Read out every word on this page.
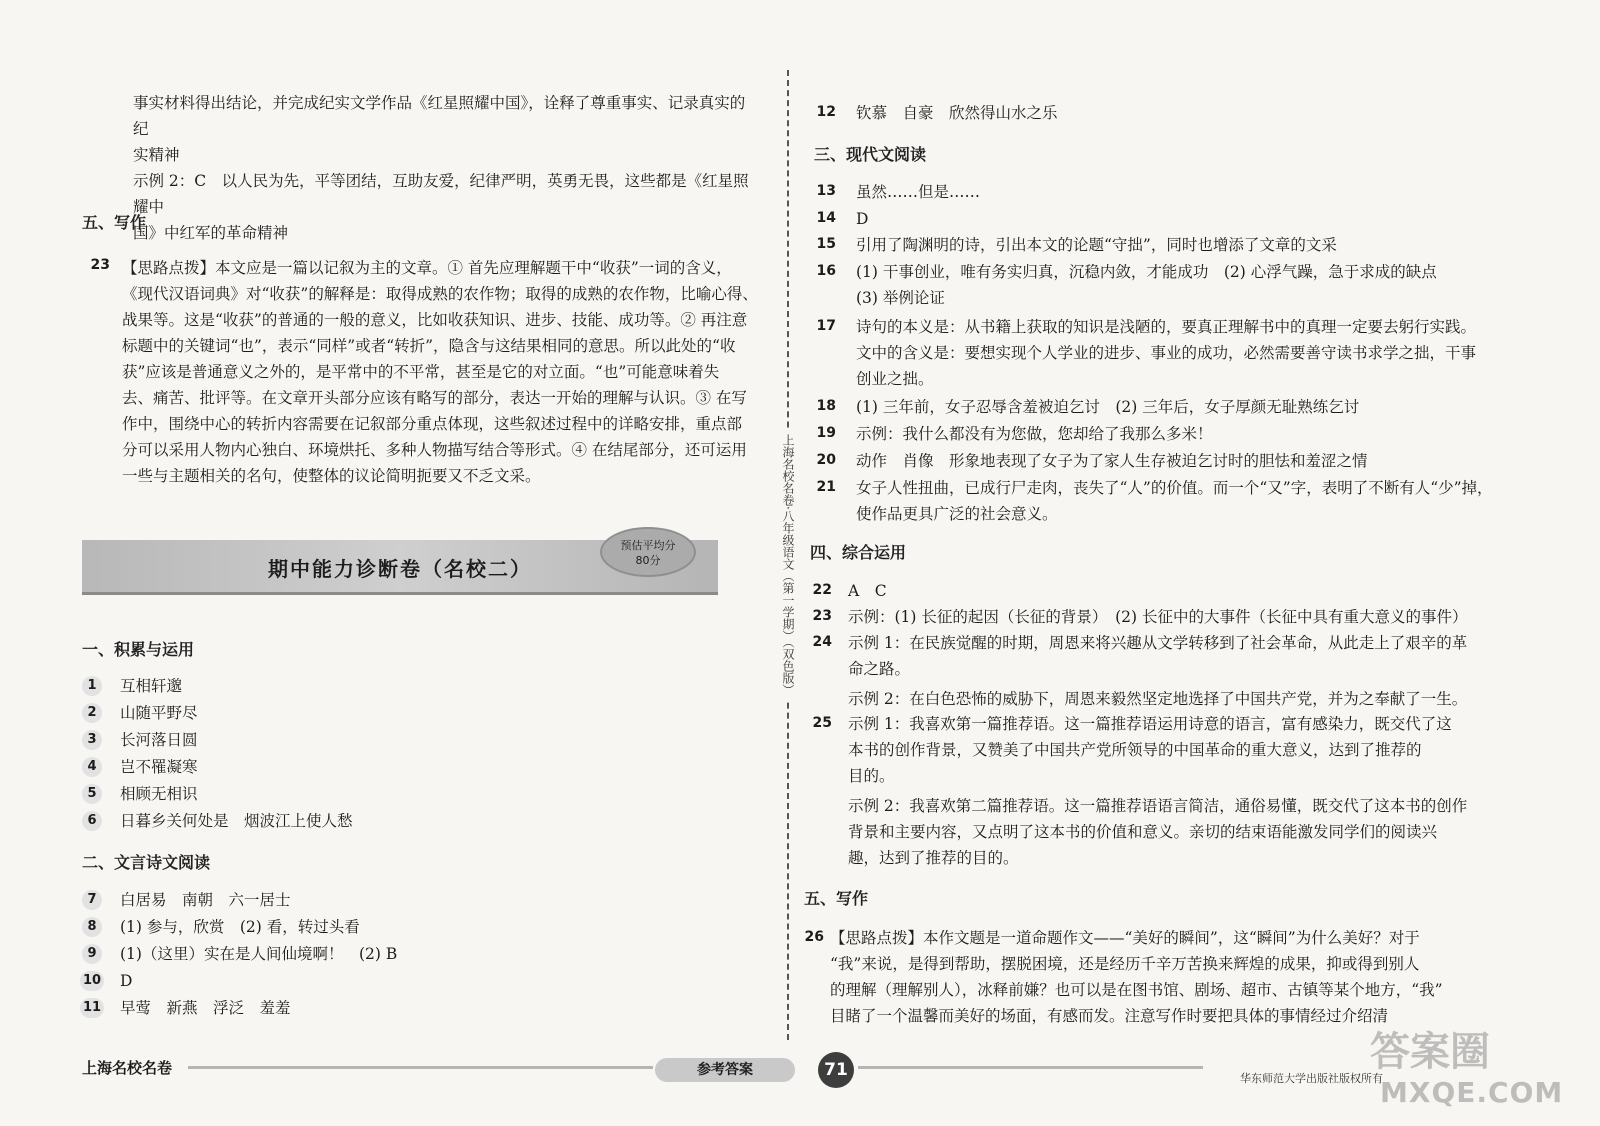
事实材料得出结论，并完成纪实文学作品《红星照耀中国》，诠释了尊重事实、记录真实的纪
实精神
示例 2：C　以人民为先，平等团结，互助友爱，纪律严明，英勇无畏，这些都是《红星照耀中
国》中红军的革命精神
五、写作
23 【思路点拨】本文应是一篇以记叙为主的文章。① 首先应理解题干中“收获”一词的含义，
《现代汉语词典》对“收获”的解释是：取得成熟的农作物；取得的成熟的农作物，比喻心得、
战果等。这是“收获”的普通的一般的意义，比如收获知识、进步、技能、成功等。② 再注意
标题中的关键词“也”，表示“同样”或者“转折”，隐含与这结果相同的意思。所以此处的“收
获”应该是普通意义之外的，是平常中的不平常，甚至是它的对立面。“也”可能意味着失
去、痛苦、批评等。在文章开头部分应该有略写的部分，表达一开始的理解与认识。③ 在写
作中，围绕中心的转折内容需要在记叙部分重点体现，这些叙述过程中的详略安排，重点部
分可以采用人物内心独白、环境烘托、多种人物描写结合等形式。④ 在结尾部分，还可运用
一些与主题相关的名句，使整体的议论简明扼要又不乏文采。
期中能力诊断卷（名校二）
预估平均分
80分
一、积累与运用
1	互相轩邈
2	山随平野尽
3	长河落日圆
4	岂不罹凝寒
5	相顾无相识
6	日暮乡关何处是　烟波江上使人愁
二、文言诗文阅读
7	白居易　南朝　六一居士
8	(1) 参与，欣赏　(2) 看，转过头看
9	(1)（这里）实在是人间仙境啊！　(2) B
10 D
11 早莺　新燕　浮泛　羞羞
上海名校名卷·八年级语文（第一学期）（双色版）
12 钦慕　自豪　欣然得山水之乐
三、现代文阅读
13 虽然……但是……
14 D
15 引用了陶渊明的诗，引出本文的论题“守拙”，同时也增添了文章的文采
16 (1) 干事创业，唯有务实归真，沉稳内敛，才能成功　(2) 心浮气躁，急于求成的缺点
(3) 举例论证
17 诗句的本义是：从书籍上获取的知识是浅陋的，要真正理解书中的真理一定要去躬行实践。
文中的含义是：要想实现个人学业的进步、事业的成功，必然需要善守读书求学之拙，干事
创业之拙。
18 (1) 三年前，女子忍辱含羞被迫乞讨　(2) 三年后，女子厚颜无耻熟练乞讨
19 示例：我什么都没有为您做，您却给了我那么多米！
20 动作　肖像　形象地表现了女子为了家人生存被迫乞讨时的胆怯和羞涩之情
21 女子人性扭曲，已成行尸走肉，丧失了“人”的价值。而一个“又”字，表明了不断有人“少”掉，
使作品更具广泛的社会意义。
四、综合运用
22 A　C
23 示例：(1) 长征的起因（长征的背景）　(2) 长征中的大事件（长征中具有重大意义的事件）
24 示例 1：在民族觉醒的时期，周恩来将兴趣从文学转移到了社会革命，从此走上了艰辛的革
命之路。
示例 2：在白色恐怖的威胁下，周恩来毅然坚定地选择了中国共产党，并为之奉献了一生。
25 示例 1：我喜欢第一篇推荐语。这一篇推荐语运用诗意的语言，富有感染力，既交代了这
本书的创作背景，又赞美了中国共产党所领导的中国革命的重大意义，达到了推荐的
目的。
示例 2：我喜欢第二篇推荐语。这一篇推荐语语言简洁，通俗易懂，既交代了这本书的创作
背景和主要内容，又点明了这本书的价值和意义。亲切的结束语能激发同学们的阅读兴
趣，达到了推荐的目的。
五、写作
26 【思路点拨】本作文题是一道命题作文——“美好的瞬间”，这“瞬间”为什么美好？对于
“我”来说，是得到帮助，摆脱困境，还是经历千辛万苦换来辉煌的成果，抑或得到别人
的理解（理解别人），冰释前嫌？也可以是在图书馆、剧场、超市、古镇等某个地方，“我”
目睹了一个温馨而美好的场面，有感而发。注意写作时要把具体的事情经过介绍清
上海名校名卷	参考答案	71	华东师范大学出版社版权所有
答案圈
MXQE.COM
